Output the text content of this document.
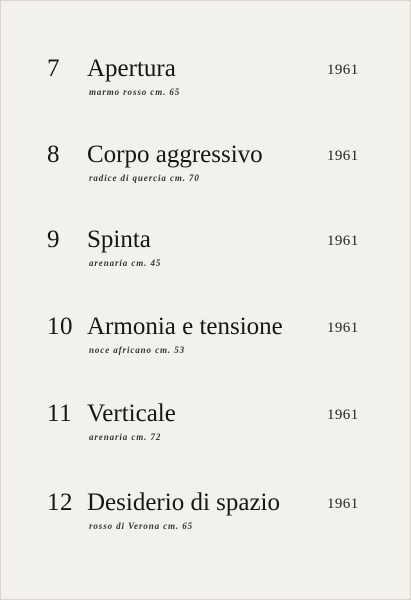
7 Apertura	1961
marmo rosso cm. 65
8 Corpo aggressivo	1961
radice di quercia cm. 70
9 Spinta	1961
arenaria cm. 45
10 Armonia e tensione	1961
noce africano cm. 53
11 Verticale	1961
arenaria cm. 72
12 Desiderio di spazio	1961
rosso di Verona cm. 65
